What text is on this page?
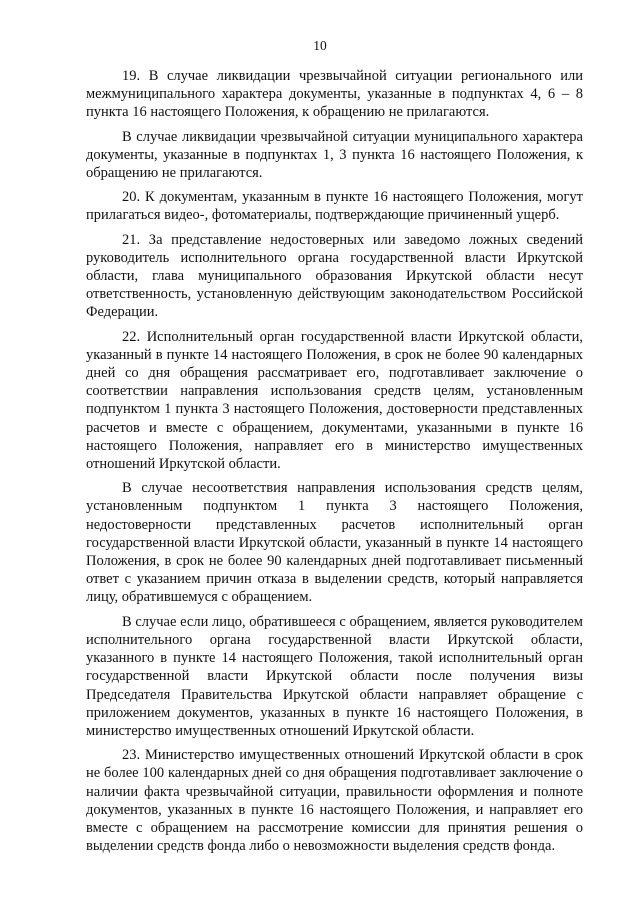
10

19. В случае ликвидации чрезвычайной ситуации регионального или межмуниципального характера документы, указанные в подпунктах 4, 6 – 8 пункта 16 настоящего Положения, к обращению не прилагаются.

В случае ликвидации чрезвычайной ситуации муниципального характера документы, указанные в подпунктах 1, 3 пункта 16 настоящего Положения, к обращению не прилагаются.

20. К документам, указанным в пункте 16 настоящего Положения, могут прилагаться видео-, фотоматериалы, подтверждающие причиненный ущерб.

21. За представление недостоверных или заведомо ложных сведений руководитель исполнительного органа государственной власти Иркутской области, глава муниципального образования Иркутской области несут ответственность, установленную действующим законодательством Российской Федерации.

22. Исполнительный орган государственной власти Иркутской области, указанный в пункте 14 настоящего Положения, в срок не более 90 календарных дней со дня обращения рассматривает его, подготавливает заключение о соответствии направления использования средств целям, установленным подпунктом 1 пункта 3 настоящего Положения, достоверности представленных расчетов и вместе с обращением, документами, указанными в пункте 16 настоящего Положения, направляет его в министерство имущественных отношений Иркутской области.

В случае несоответствия направления использования средств целям, установленным подпунктом 1 пункта 3 настоящего Положения, недостоверности представленных расчетов исполнительный орган государственной власти Иркутской области, указанный в пункте 14 настоящего Положения, в срок не более 90 календарных дней подготавливает письменный ответ с указанием причин отказа в выделении средств, который направляется лицу, обратившемуся с обращением.

В случае если лицо, обратившееся с обращением, является руководителем исполнительного органа государственной власти Иркутской области, указанного в пункте 14 настоящего Положения, такой исполнительный орган государственной власти Иркутской области после получения визы Председателя Правительства Иркутской области направляет обращение с приложением документов, указанных в пункте 16 настоящего Положения, в министерство имущественных отношений Иркутской области.

23. Министерство имущественных отношений Иркутской области в срок не более 100 календарных дней со дня обращения подготавливает заключение о наличии факта чрезвычайной ситуации, правильности оформления и полноте документов, указанных в пункте 16 настоящего Положения, и направляет его вместе с обращением на рассмотрение комиссии для принятия решения о выделении средств фонда либо о невозможности выделения средств фонда.
